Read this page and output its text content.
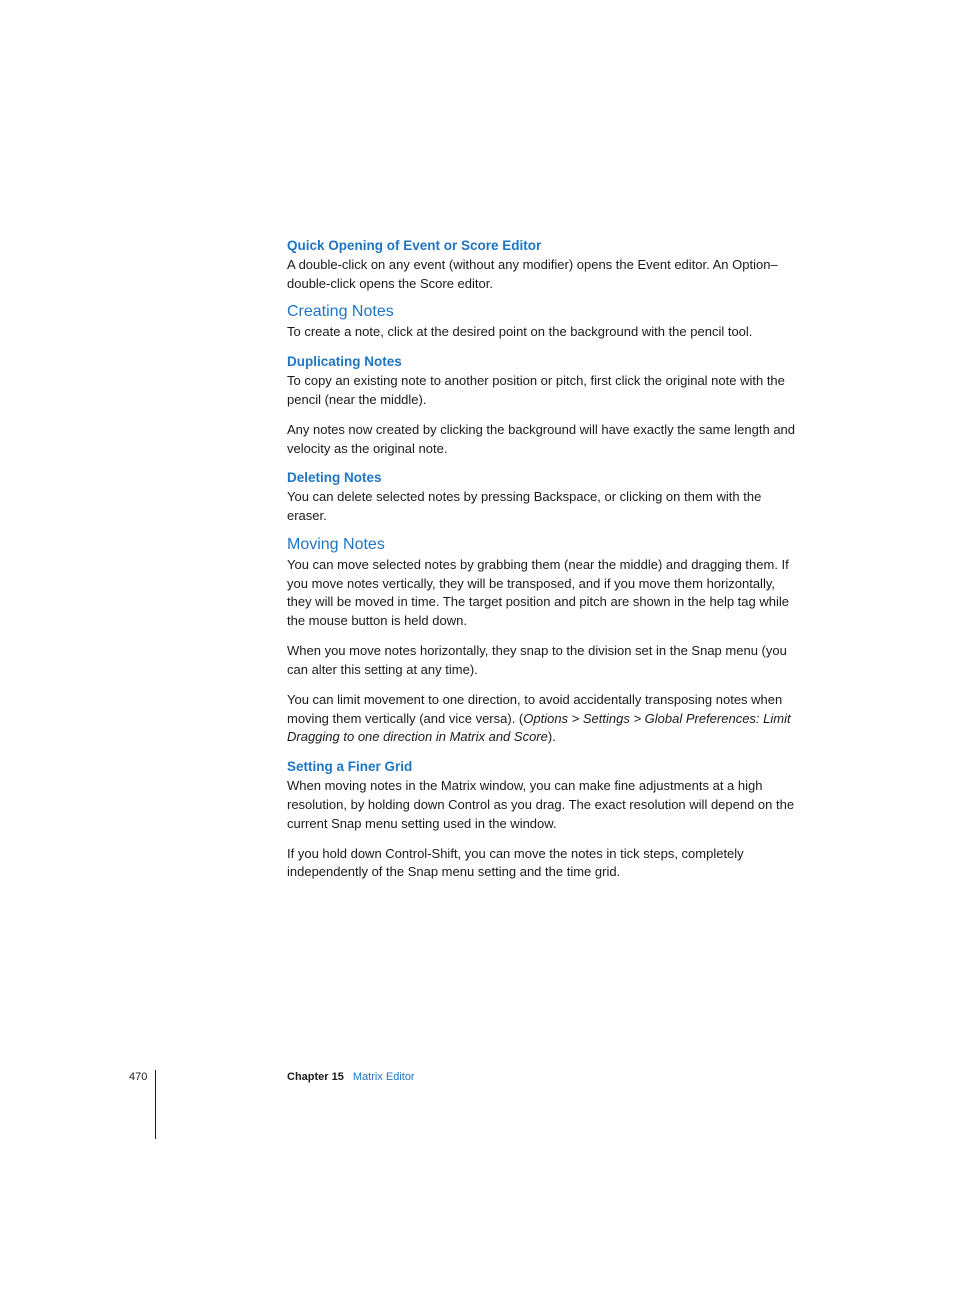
Quick Opening of Event or Score Editor

A double-click on any event (without any modifier) opens the Event editor. An Option–double-click opens the Score editor.

Creating Notes

To create a note, click at the desired point on the background with the pencil tool.

Duplicating Notes

To copy an existing note to another position or pitch, first click the original note with the pencil (near the middle).

Any notes now created by clicking the background will have exactly the same length and velocity as the original note.

Deleting Notes

You can delete selected notes by pressing Backspace, or clicking on them with the eraser.

Moving Notes

You can move selected notes by grabbing them (near the middle) and dragging them. If you move notes vertically, they will be transposed, and if you move them horizontally, they will be moved in time. The target position and pitch are shown in the help tag while the mouse button is held down.

When you move notes horizontally, they snap to the division set in the Snap menu (you can alter this setting at any time).

You can limit movement to one direction, to avoid accidentally transposing notes when moving them vertically (and vice versa). (Options > Settings > Global Preferences: Limit Dragging to one direction in Matrix and Score).

Setting a Finer Grid

When moving notes in the Matrix window, you can make fine adjustments at a high resolution, by holding down Control as you drag. The exact resolution will depend on the current Snap menu setting used in the window.

If you hold down Control-Shift, you can move the notes in tick steps, completely independently of the Snap menu setting and the time grid.

470	Chapter 15 Matrix Editor
